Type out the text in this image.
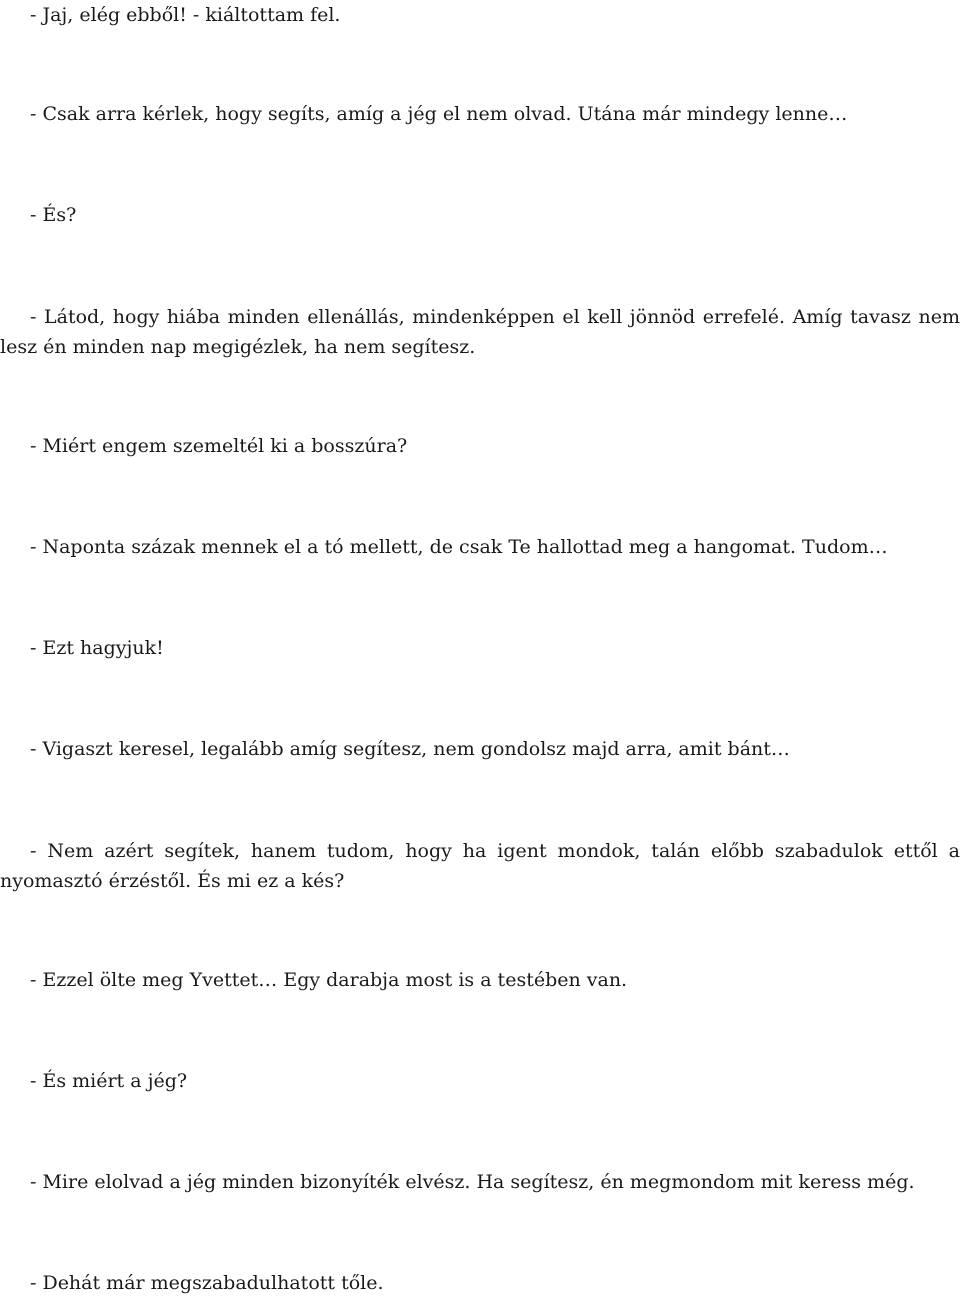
- Jaj, elég ebből! - kiáltottam fel.

- Csak arra kérlek, hogy segíts, amíg a jég el nem olvad. Utána már mindegy lenne…

- És?

- Látod, hogy hiába minden ellenállás, mindenképpen el kell jönnöd errefelé. Amíg tavasz nem lesz én minden nap megigézlek, ha nem segítesz.

- Miért engem szemeltél ki a bosszúra?

- Naponta százak mennek el a tó mellett, de csak Te hallottad meg a hangomat. Tudom…

- Ezt hagyjuk!

- Vigaszt keresel, legalább amíg segítesz, nem gondolsz majd arra, amit bánt…

- Nem azért segítek, hanem tudom, hogy ha igent mondok, talán előbb szabadulok ettől a nyomasztó érzéstől. És mi ez a kés?

- Ezzel ölte meg Yvettet… Egy darabja most is a testében van.

- És miért a jég?

- Mire elolvad a jég minden bizonyíték elvész. Ha segítesz, én megmondom mit keress még.

- Dehát már megszabadulhatott tőle.
